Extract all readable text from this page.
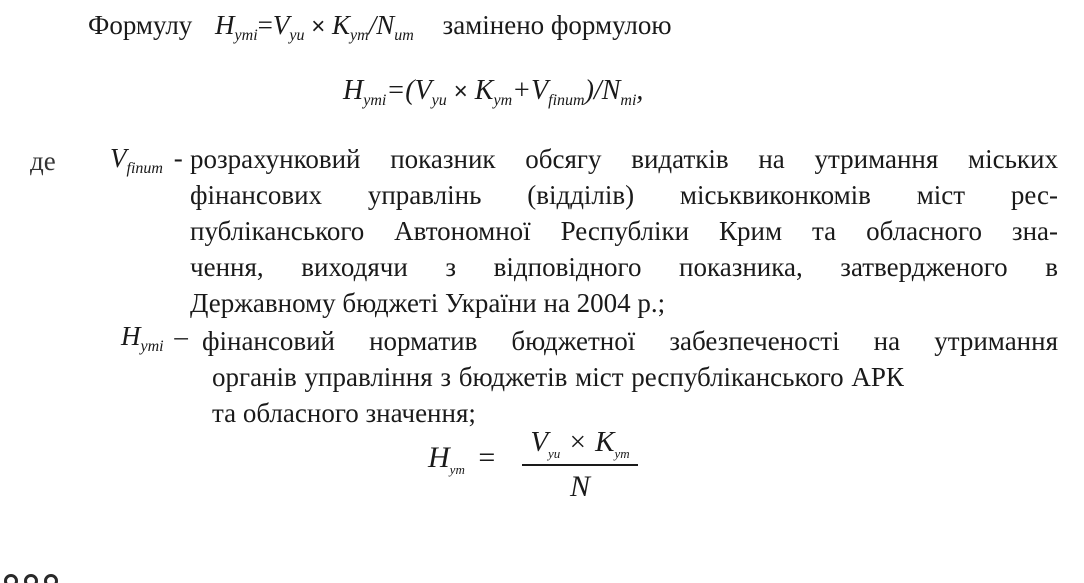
Формулу $H_{утi}=V_{уи} \times K_{ут}/N_{ит}$ замінено формулою
$H_{утi}=(V_{уи} \times K_{ут}+V_{finum})/N_{тi}$,
де $V_{finum}$ - розрахунковий показник обсягу видатків на утримання міських
фінансових управлінь (відділів) міськвиконкомів міст рес-
публіканського Автономної Республіки Крим та обласного зна-
чення, виходячи з відповідного показника, затвердженого в
Державному бюджеті України на 2004 р.;
$H_{утi}$ – фінансовий норматив бюджетної забезпеченості на утримання
органів управління з бюджетів міст республіканського АРК
та обласного значення;
$H_{ут}$ =	$V_{уи} \times K_{ут}$
N
